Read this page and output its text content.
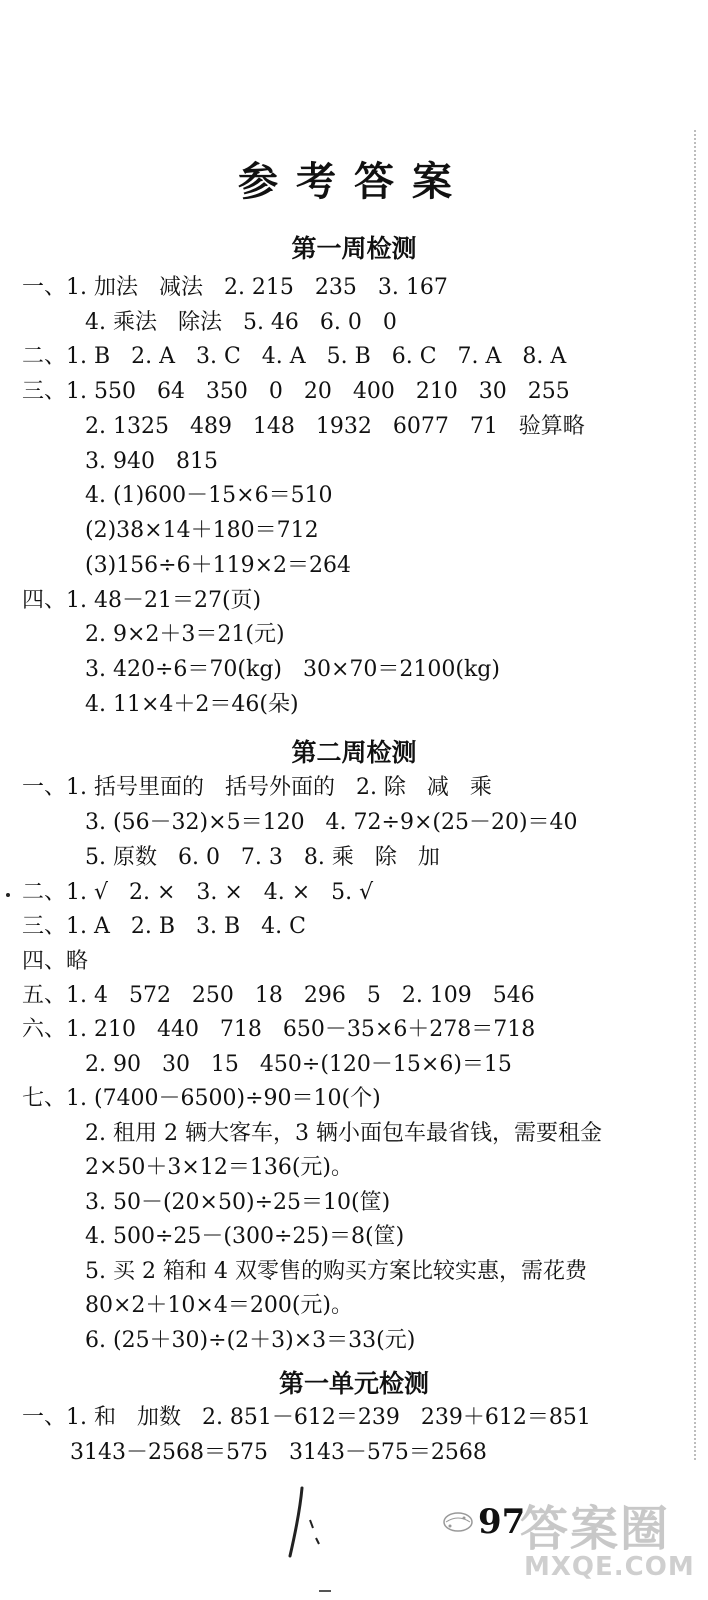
参考答案
第一周检测
一、1. 加法   减法   2. 215   235   3. 167
4. 乘法   除法   5. 46   6. 0   0
二、1. B   2. A   3. C   4. A   5. B   6. C   7. A   8. A
三、1. 550   64   350   0   20   400   210   30   255
2. 1325   489   148   1932   6077   71   验算略
3. 940   815
4. (1)600－15×6＝510
(2)38×14＋180＝712
(3)156÷6＋119×2＝264
四、1. 48－21＝27(页)
2. 9×2＋3＝21(元)
3. 420÷6＝70(kg)   30×70＝2100(kg)
4. 11×4＋2＝46(朵)
第二周检测
一、1. 括号里面的   括号外面的   2. 除   减   乘
3. (56－32)×5＝120   4. 72÷9×(25－20)＝40
5. 原数   6. 0   7. 3   8. 乘   除   加
二、1. √   2. ×   3. ×   4. ×   5. √
三、1. A   2. B   3. B   4. C
四、略
五、1. 4   572   250   18   296   5   2. 109   546
六、1. 210   440   718   650－35×6＋278＝718
2. 90   30   15   450÷(120－15×6)＝15
七、1. (7400－6500)÷90＝10(个)
2. 租用 2 辆大客车，3 辆小面包车最省钱，需要租金
2×50＋3×12＝136(元)。
3. 50－(20×50)÷25＝10(筐)
4. 500÷25－(300÷25)＝8(筐)
5. 买 2 箱和 4 双零售的购买方案比较实惠，需花费
80×2＋10×4＝200(元)。
6. (25＋30)÷(2＋3)×3＝33(元)
第一单元检测
一、1. 和   加数   2. 851－612＝239   239＋612＝851
3143－2568＝575   3143－575＝2568
97
答案圈
MXQE.COM
